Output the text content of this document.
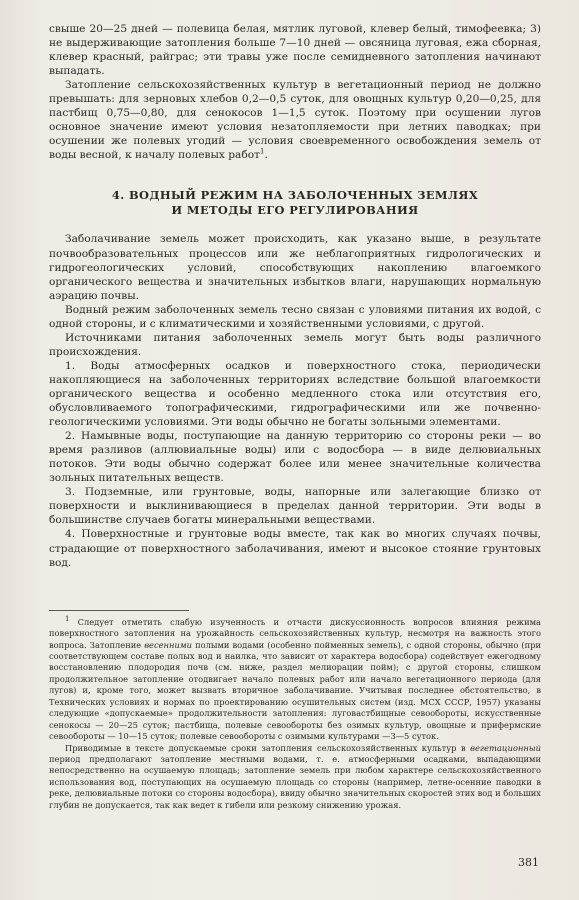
свыше 20—25 дней — полевица белая, мятлик луговой, клевер белый, тимофеевка; 3) не выдерживающие затопления больше 7—10 дней — овсяница луговая, ежа сборная, клевер красный, райграс; эти травы уже после семидневного затопления начинают выпадать.

Затопление сельскохозяйственных культур в вегетационный период не должно превышать: для зерновых хлебов 0,2—0,5 суток, для овощных культур 0,20—0,25, для пастбищ 0,75—0,80, для сенокосов 1—1,5 суток. Поэтому при осушении лугов основное значение имеют условия незатопляемости при летних паводках; при осушении же полевых угодий — условия своевременного освобождения земель от воды весной, к началу полевых работ$^1$.

4. ВОДНЫЙ РЕЖИМ НА ЗАБОЛОЧЕННЫХ ЗЕМЛЯХ
И МЕТОДЫ ЕГО РЕГУЛИРОВАНИЯ

Заболачивание земель может происходить, как указано выше, в результате почвообразовательных процессов или же неблагоприятных гидрологических и гидрогеологических условий, способствующих накоплению влагоемкого органического вещества и значительных избытков влаги, нарушающих нормальную аэрацию почвы.

Водный режим заболоченных земель тесно связан с уловиями питания их водой, с одной стороны, и с климатическими и хозяйственными условиями, с другой.

Источниками питания заболоченных земель могут быть воды различного происхождения.

1. Воды атмосферных осадков и поверхностного стока, периодически накопляющиеся на заболоченных территориях вследствие большой влагоемкости органического вещества и особенно медленного стока или отсутствия его, обусловливаемого топографическими, гидрографическими или же почвенно-геологическими условиями. Эти воды обычно не богаты зольными элементами.

2. Намывные воды, поступающие на данную территорию со стороны реки — во время разливов (аллювиальные воды) или с водосбора — в виде делювиальных потоков. Эти воды обычно содержат более или менее значительные количества зольных питательных веществ.

3. Подземные, или грунтовые, воды, напорные или залегающие близко от поверхности и выклинивающиеся в пределах данной территории. Эти воды в большинстве случаев богаты минеральными веществами.

4. Поверхностные и грунтовые воды вместе, так как во многих случаях почвы, страдающие от поверхностного заболачивания, имеют и высокое стояние грунтовых вод.

$^1$ Следует отметить слабую изученность и отчасти дискуссионность вопросов влияния режима поверхностного затопления на урожайность сельскохозяйственных культур, несмотря на важность этого вопроса. Затопление весенними полыми водами (особенно пойменных земель), с одной стороны, обычно (при соответствующем составе полых вод и наилка, что зависит от характера водосбора) содействует ежегодному восстановлению плодородия почв (см. ниже, раздел мелиорации пойм); с другой стороны, слишком продолжительное затопление отодвигает начало полевых работ или начало вегетационного периода (для лугов) и, кроме того, может вызвать вторичное заболачивание. Учитывая последнее обстоятельство, в Технических условиях и нормах по проектированию осушительных систем (изд. МСХ СССР, 1957) указаны следующие «допускаемые» продолжительности затопления: луговастбищные севообороты, искусственные сенокосы — 20—25 суток; пастбища, полевые севообороты без озимых культур, овощные и прифермские севообороты — 10—15 суток; полевые севообороты с озимыми культурами —3—5 суток.

Приводимые в тексте допускаемые сроки затопления сельскохозяйственных культур в вегетационный период предполагают затопление местными водами, т. е. атмосферными осадками, выпадающими непосредственно на осушаемую площадь; затопление земель при любом характере сельскохозяйственного использования вод, поступающих на осушаемую площадь со стороны (например, летне-осенние паводки в реке, делювиальные потоки со стороны водосбора), ввиду обычно значительных скоростей этих вод и больших глубин не допускается, так как ведет к гибели или резкому снижению урожая.

381
